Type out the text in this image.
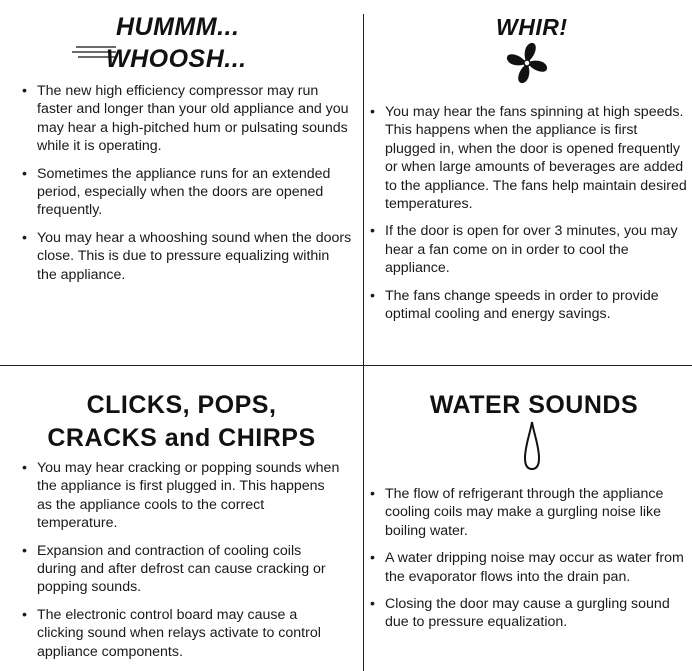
HUMMM...
WHOOSH...
• The new high efficiency compressor may run faster and longer than your old appliance and you may hear a high-pitched hum or pulsating sounds while it is operating.
• Sometimes the appliance runs for an extended period, especially when the doors are opened frequently.
• You may hear a whooshing sound when the doors close. This is due to pressure equalizing within the appliance.
WHIR!
• You may hear the fans spinning at high speeds. This happens when the appliance is first plugged in, when the door is opened frequently or when large amounts of beverages are added to the appliance. The fans help maintain desired temperatures.
• If the door is open for over 3 minutes, you may hear a fan come on in order to cool the appliance.
• The fans change speeds in order to provide optimal cooling and energy savings.
CLICKS, POPS,
CRACKS and CHIRPS
• You may hear cracking or popping sounds when the appliance is first plugged in. This happens as the appliance cools to the correct temperature.
• Expansion and contraction of cooling coils during and after defrost can cause cracking or popping sounds.
• The electronic control board may cause a clicking sound when relays activate to control appliance components.
WATER SOUNDS
• The flow of refrigerant through the appliance cooling coils may make a gurgling noise like boiling water.
• A water dripping noise may occur as water from the evaporator flows into the drain pan.
• Closing the door may cause a gurgling sound due to pressure equalization.
